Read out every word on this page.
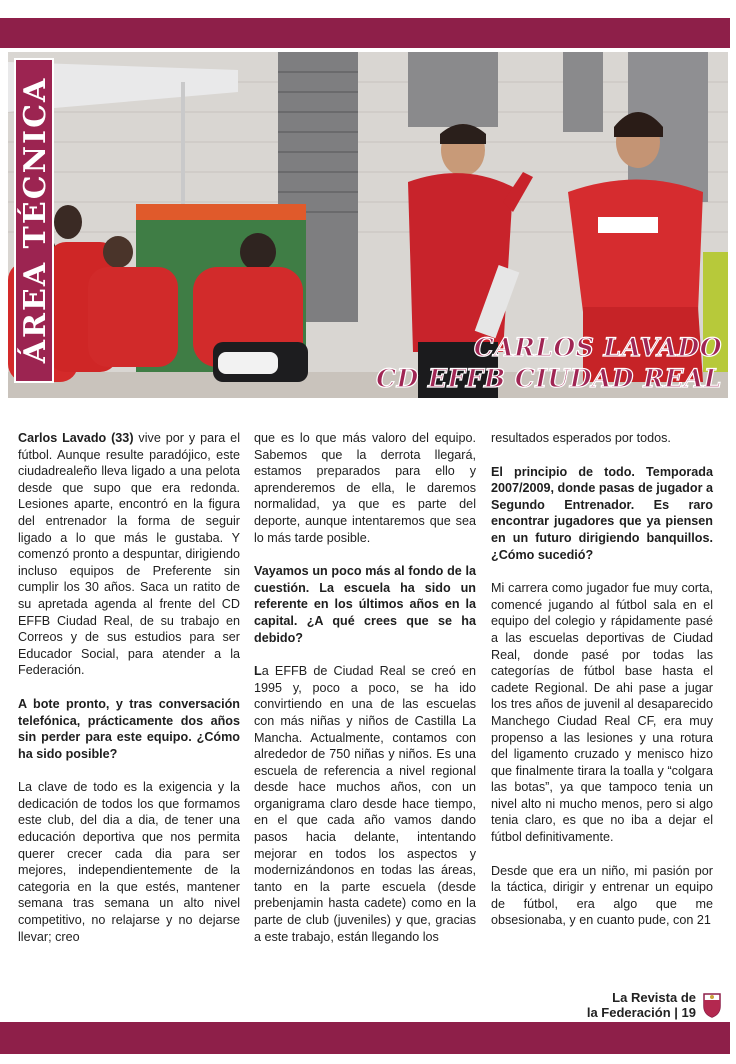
ÁREA TÉCNICA	CARLOS LAVADO
CD EFFB CIUDAD REAL

Carlos Lavado (33) vive por y para el fútbol. Aunque resulte paradójico, este ciudadrealeño lleva ligado a una pelota desde que supo que era redonda. Lesiones aparte, encontró en la figura del entrenador la forma de seguir ligado a lo que más le gustaba. Y comenzó pronto a despuntar, dirigiendo incluso equipos de Preferente sin cumplir los 30 años. Saca un ratito de su apretada agenda al frente del CD EFFB Ciudad Real, de su trabajo en Correos y de sus estudios para ser Educador Social, para atender a la Federación.

A bote pronto, y tras conversación telefónica, prácticamente dos años sin perder para este equipo. ¿Cómo ha sido posible?

La clave de todo es la exigencia y la dedicación de todos los que formamos este club, del dia a dia, de tener una educación deportiva que nos permita querer crecer cada dia para ser mejores, independientemente de la categoria en la que estés, mantener semana tras semana un alto nivel competitivo, no relajarse y no dejarse llevar; creo

que es lo que más valoro del equipo. Sabemos que la derrota llegará, estamos preparados para ello y aprenderemos de ella, le daremos normalidad, ya que es parte del deporte, aunque intentaremos que sea lo más tarde posible.

Vayamos un poco más al fondo de la cuestión. La escuela ha sido un referente en los últimos años en la capital. ¿A qué crees que se ha debido?

La EFFB de Ciudad Real se creó en 1995 y, poco a poco, se ha ido convirtiendo en una de las escuelas con más niñas y niños de Castilla La Mancha. Actualmente, contamos con alrededor de 750 niñas y niños. Es una escuela de referencia a nivel regional desde hace muchos años, con un organigrama claro desde hace tiempo, en el que cada año vamos dando pasos hacia delante, intentando mejorar en todos los aspectos y modernizándonos en todas las áreas, tanto en la parte escuela (desde prebenjamin hasta cadete) como en la parte de club (juveniles) y que, gracias a este trabajo, están llegando los

resultados esperados por todos.

El principio de todo. Temporada 2007/2009, donde pasas de jugador a Segundo Entrenador. Es raro encontrar jugadores que ya piensen en un futuro dirigiendo banquillos. ¿Cómo sucedió?

Mi carrera como jugador fue muy corta, comencé jugando al fútbol sala en el equipo del colegio y rápidamente pasé a las escuelas deportivas de Ciudad Real, donde pasé por todas las categorías de fútbol base hasta el cadete Regional. De ahi pase a jugar los tres años de juvenil al desaparecido Manchego Ciudad Real CF, era muy propenso a las lesiones y una rotura del ligamento cruzado y menisco hizo que finalmente tirara la toalla y “colgara las botas”, ya que tampoco tenia un nivel alto ni mucho menos, pero si algo tenia claro, es que no iba a dejar el fútbol definitivamente.

Desde que era un niño, mi pasión por la táctica, dirigir y entrenar un equipo de fútbol, era algo que me obsesionaba, y en cuanto pude, con 21

La Revista de
la Federación | 19
